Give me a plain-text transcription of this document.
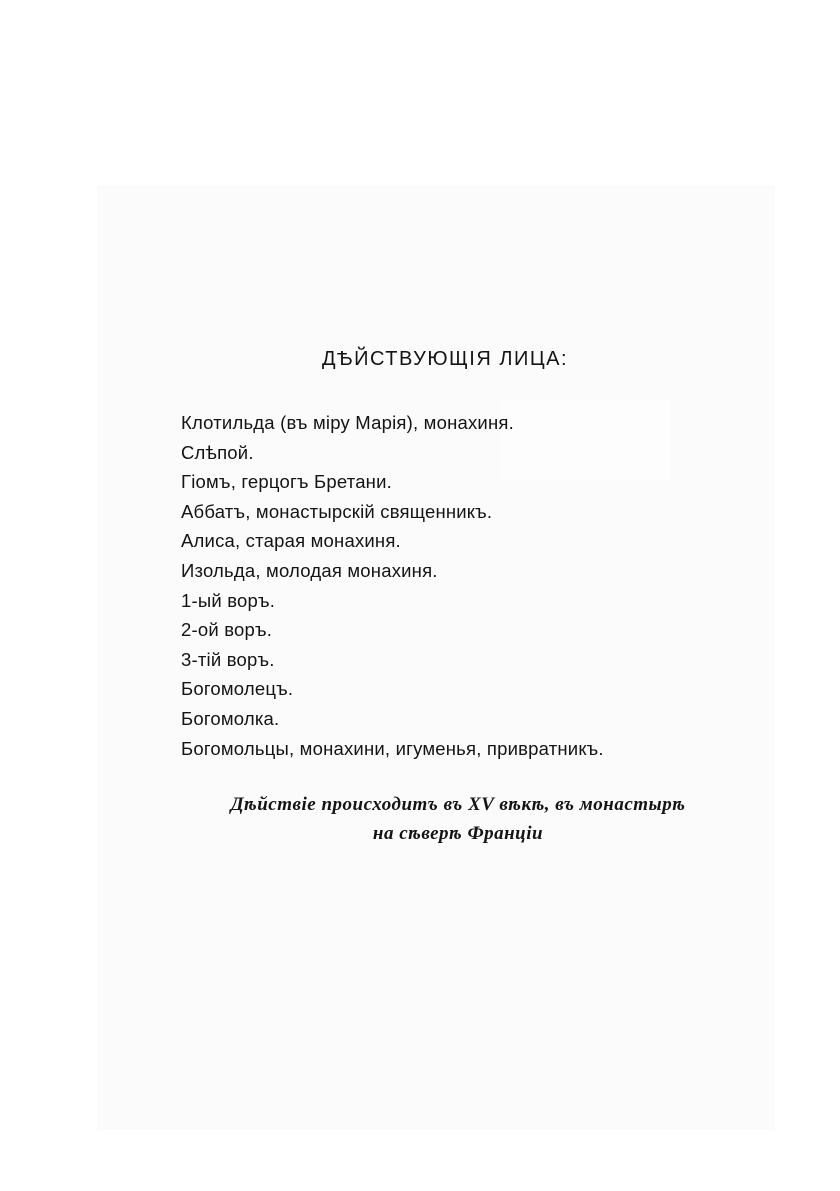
ДѢЙСТВУЮЩІЯ ЛИЦА:
Клотильда (въ міру Марія), монахиня.
Слѣпой.
Гіомъ, герцогъ Бретани.
Аббатъ, монастырскій священникъ.
Алиса, старая монахиня.
Изольда, молодая монахиня.
1-ый воръ.
2-ой воръ.
3-тій воръ.
Богомолецъ.
Богомолка.
Богомольцы, монахини, игуменья, привратникъ.
Дѣйствіе происходитъ въ XV вѣкѣ, въ монастырѣ
на сѣверѣ Франціи
